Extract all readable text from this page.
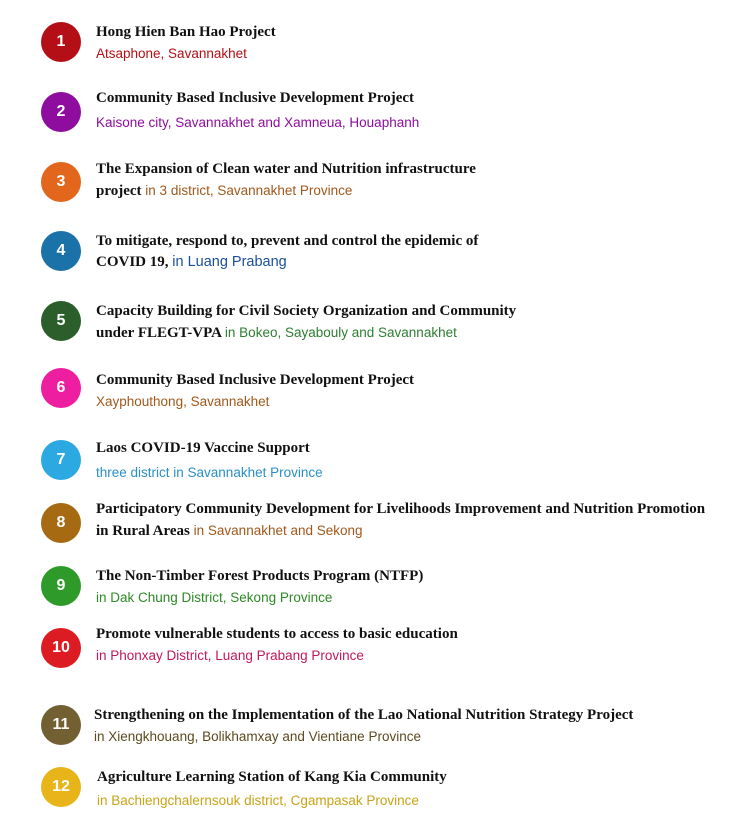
1
Hong Hien Ban Hao Project
Atsaphone, Savannakhet
2
Community Based Inclusive Development Project
Kaisone city, Savannakhet and Xamneua, Houaphanh
3
The Expansion of Clean water and Nutrition infrastructure
project in 3 district, Savannakhet Province
4
To mitigate, respond to, prevent and control the epidemic of
COVID 19, in Luang Prabang
5
Capacity Building for Civil Society Organization and Community
under FLEGT-VPA in Bokeo, Sayabouly and Savannakhet
6	Community Based Inclusive Development Project
Xayphouthong, Savannakhet
7
Laos COVID-19 Vaccine Support
three district in Savannakhet Province
8
Participatory Community Development for Livelihoods Improvement and Nutrition Promotion
in Rural Areas in Savannakhet and Sekong
9
The Non-Timber Forest Products Program (NTFP)
in Dak Chung District, Sekong Province
10
Promote vulnerable students to access to basic education
in Phonxay District, Luang Prabang Province
11
Strengthening on the Implementation of the Lao National Nutrition Strategy Project
in Xiengkhouang, Bolikhamxay and Vientiane Province
12
Agriculture Learning Station of Kang Kia Community
in Bachiengchalernsouk district, Cgampasak Province
